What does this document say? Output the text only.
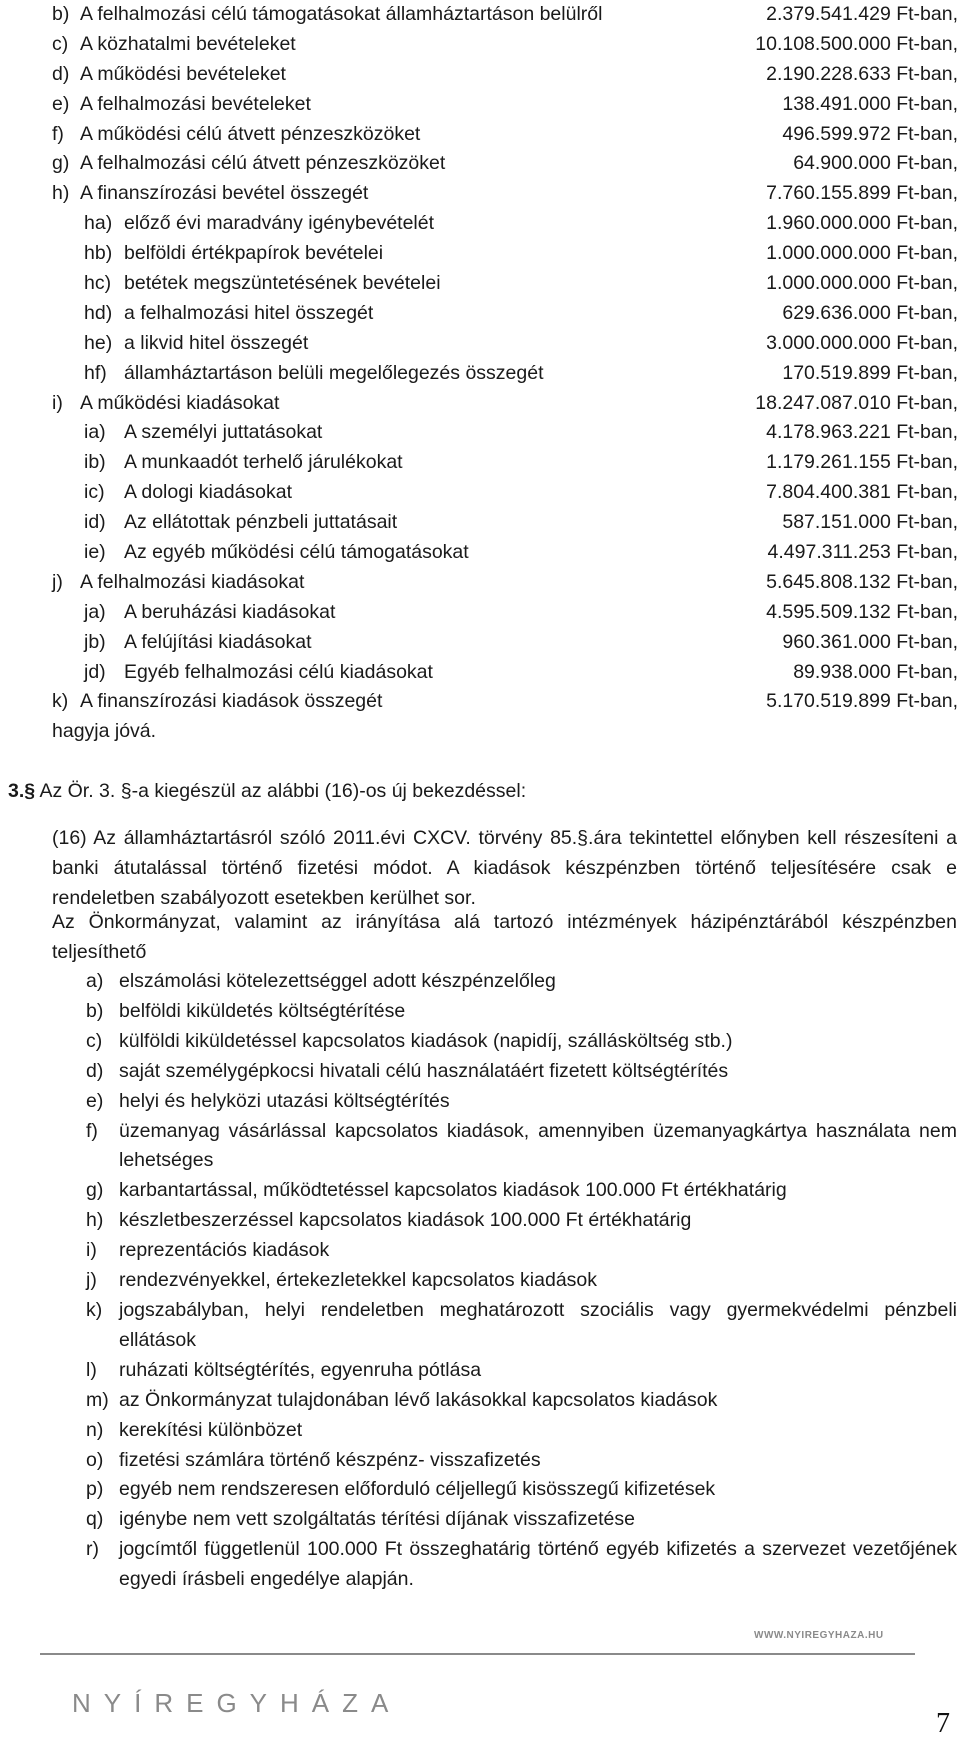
b) A felhalmozási célú támogatásokat államháztartáson belülről	2.379.541.429 Ft-ban,
c) A közhatalmi bevételeket	10.108.500.000 Ft-ban,
d) A működési bevételeket	2.190.228.633 Ft-ban,
e) A felhalmozási bevételeket	138.491.000 Ft-ban,
f) A működési célú átvett pénzeszközöket	496.599.972 Ft-ban,
g) A felhalmozási célú átvett pénzeszközöket	64.900.000 Ft-ban,
h) A finanszírozási bevétel összegét	7.760.155.899 Ft-ban,
ha) előző évi maradvány igénybevételét	1.960.000.000 Ft-ban,
hb) belföldi értékpapírok bevételei	1.000.000.000 Ft-ban,
hc) betétek megszüntetésének bevételei	1.000.000.000 Ft-ban,
hd) a felhalmozási hitel összegét	629.636.000 Ft-ban,
he) a likvid hitel összegét	3.000.000.000 Ft-ban,
hf) államháztartáson belüli megelőlegezés összegét	170.519.899 Ft-ban,
i) A működési kiadásokat	18.247.087.010 Ft-ban,
ia) A személyi juttatásokat	4.178.963.221 Ft-ban,
ib) A munkaadót terhelő járulékokat	1.179.261.155 Ft-ban,
ic) A dologi kiadásokat	7.804.400.381 Ft-ban,
id) Az ellátottak pénzbeli juttatásait	587.151.000 Ft-ban,
ie) Az egyéb működési célú támogatásokat	4.497.311.253 Ft-ban,
j) A felhalmozási kiadásokat	5.645.808.132 Ft-ban,
ja) A beruházási kiadásokat	4.595.509.132 Ft-ban,
jb) A felújítási kiadásokat	960.361.000 Ft-ban,
jd) Egyéb felhalmozási célú kiadásokat	89.938.000 Ft-ban,
k) A finanszírozási kiadások összegét	5.170.519.899 Ft-ban,
hagyja jóvá.
3.§ Az Ör. 3. §-a kiegészül az alábbi (16)-os új bekezdéssel:

(16) Az államháztartásról szóló 2011.évi CXCV. törvény 85.§.ára tekintettel előnyben kell részesíteni a banki átutalással történő fizetési módot. A kiadások készpénzben történő teljesítésére csak e rendeletben szabályozott esetekben kerülhet sor.

Az Önkormányzat, valamint az irányítása alá tartozó intézmények házipénztárából készpénzben teljesíthető

a) elszámolási kötelezettséggel adott készpénzelőleg
b) belföldi kiküldetés költségtérítése
c) külföldi kiküldetéssel kapcsolatos kiadások (napidíj, szállásköltség stb.)
d) saját személygépkocsi hivatali célú használatáért fizetett költségtérítés
e) helyi és helyközi utazási költségtérítés
f) üzemanyag vásárlással kapcsolatos kiadások, amennyiben üzemanyagkártya használata nem lehetséges
g) karbantartással, működtetéssel kapcsolatos kiadások 100.000 Ft értékhatárig
h) készletbeszerzéssel kapcsolatos kiadások 100.000 Ft értékhatárig
i) reprezentációs kiadások
j) rendezvényekkel, értekezletekkel kapcsolatos kiadások
k) jogszabályban, helyi rendeletben meghatározott szociális vagy gyermekvédelmi pénzbeli ellátások
l) ruházati költségtérítés, egyenruha pótlása
m) az Önkormányzat tulajdonában lévő lakásokkal kapcsolatos kiadások
n) kerekítési különbözet
o) fizetési számlára történő készpénz- visszafizetés
p) egyéb nem rendszeresen előforduló céljellegű kisösszegű kifizetések
q) igénybe nem vett szolgáltatás térítési díjának visszafizetése
r) jogcímtől függetlenül 100.000 Ft összeghatárig történő egyéb kifizetés a szervezet vezetőjének egyedi írásbeli engedélye alapján.
WWW.NYIREGYHAZA.HU
NYÍREGYHÁZA
7
